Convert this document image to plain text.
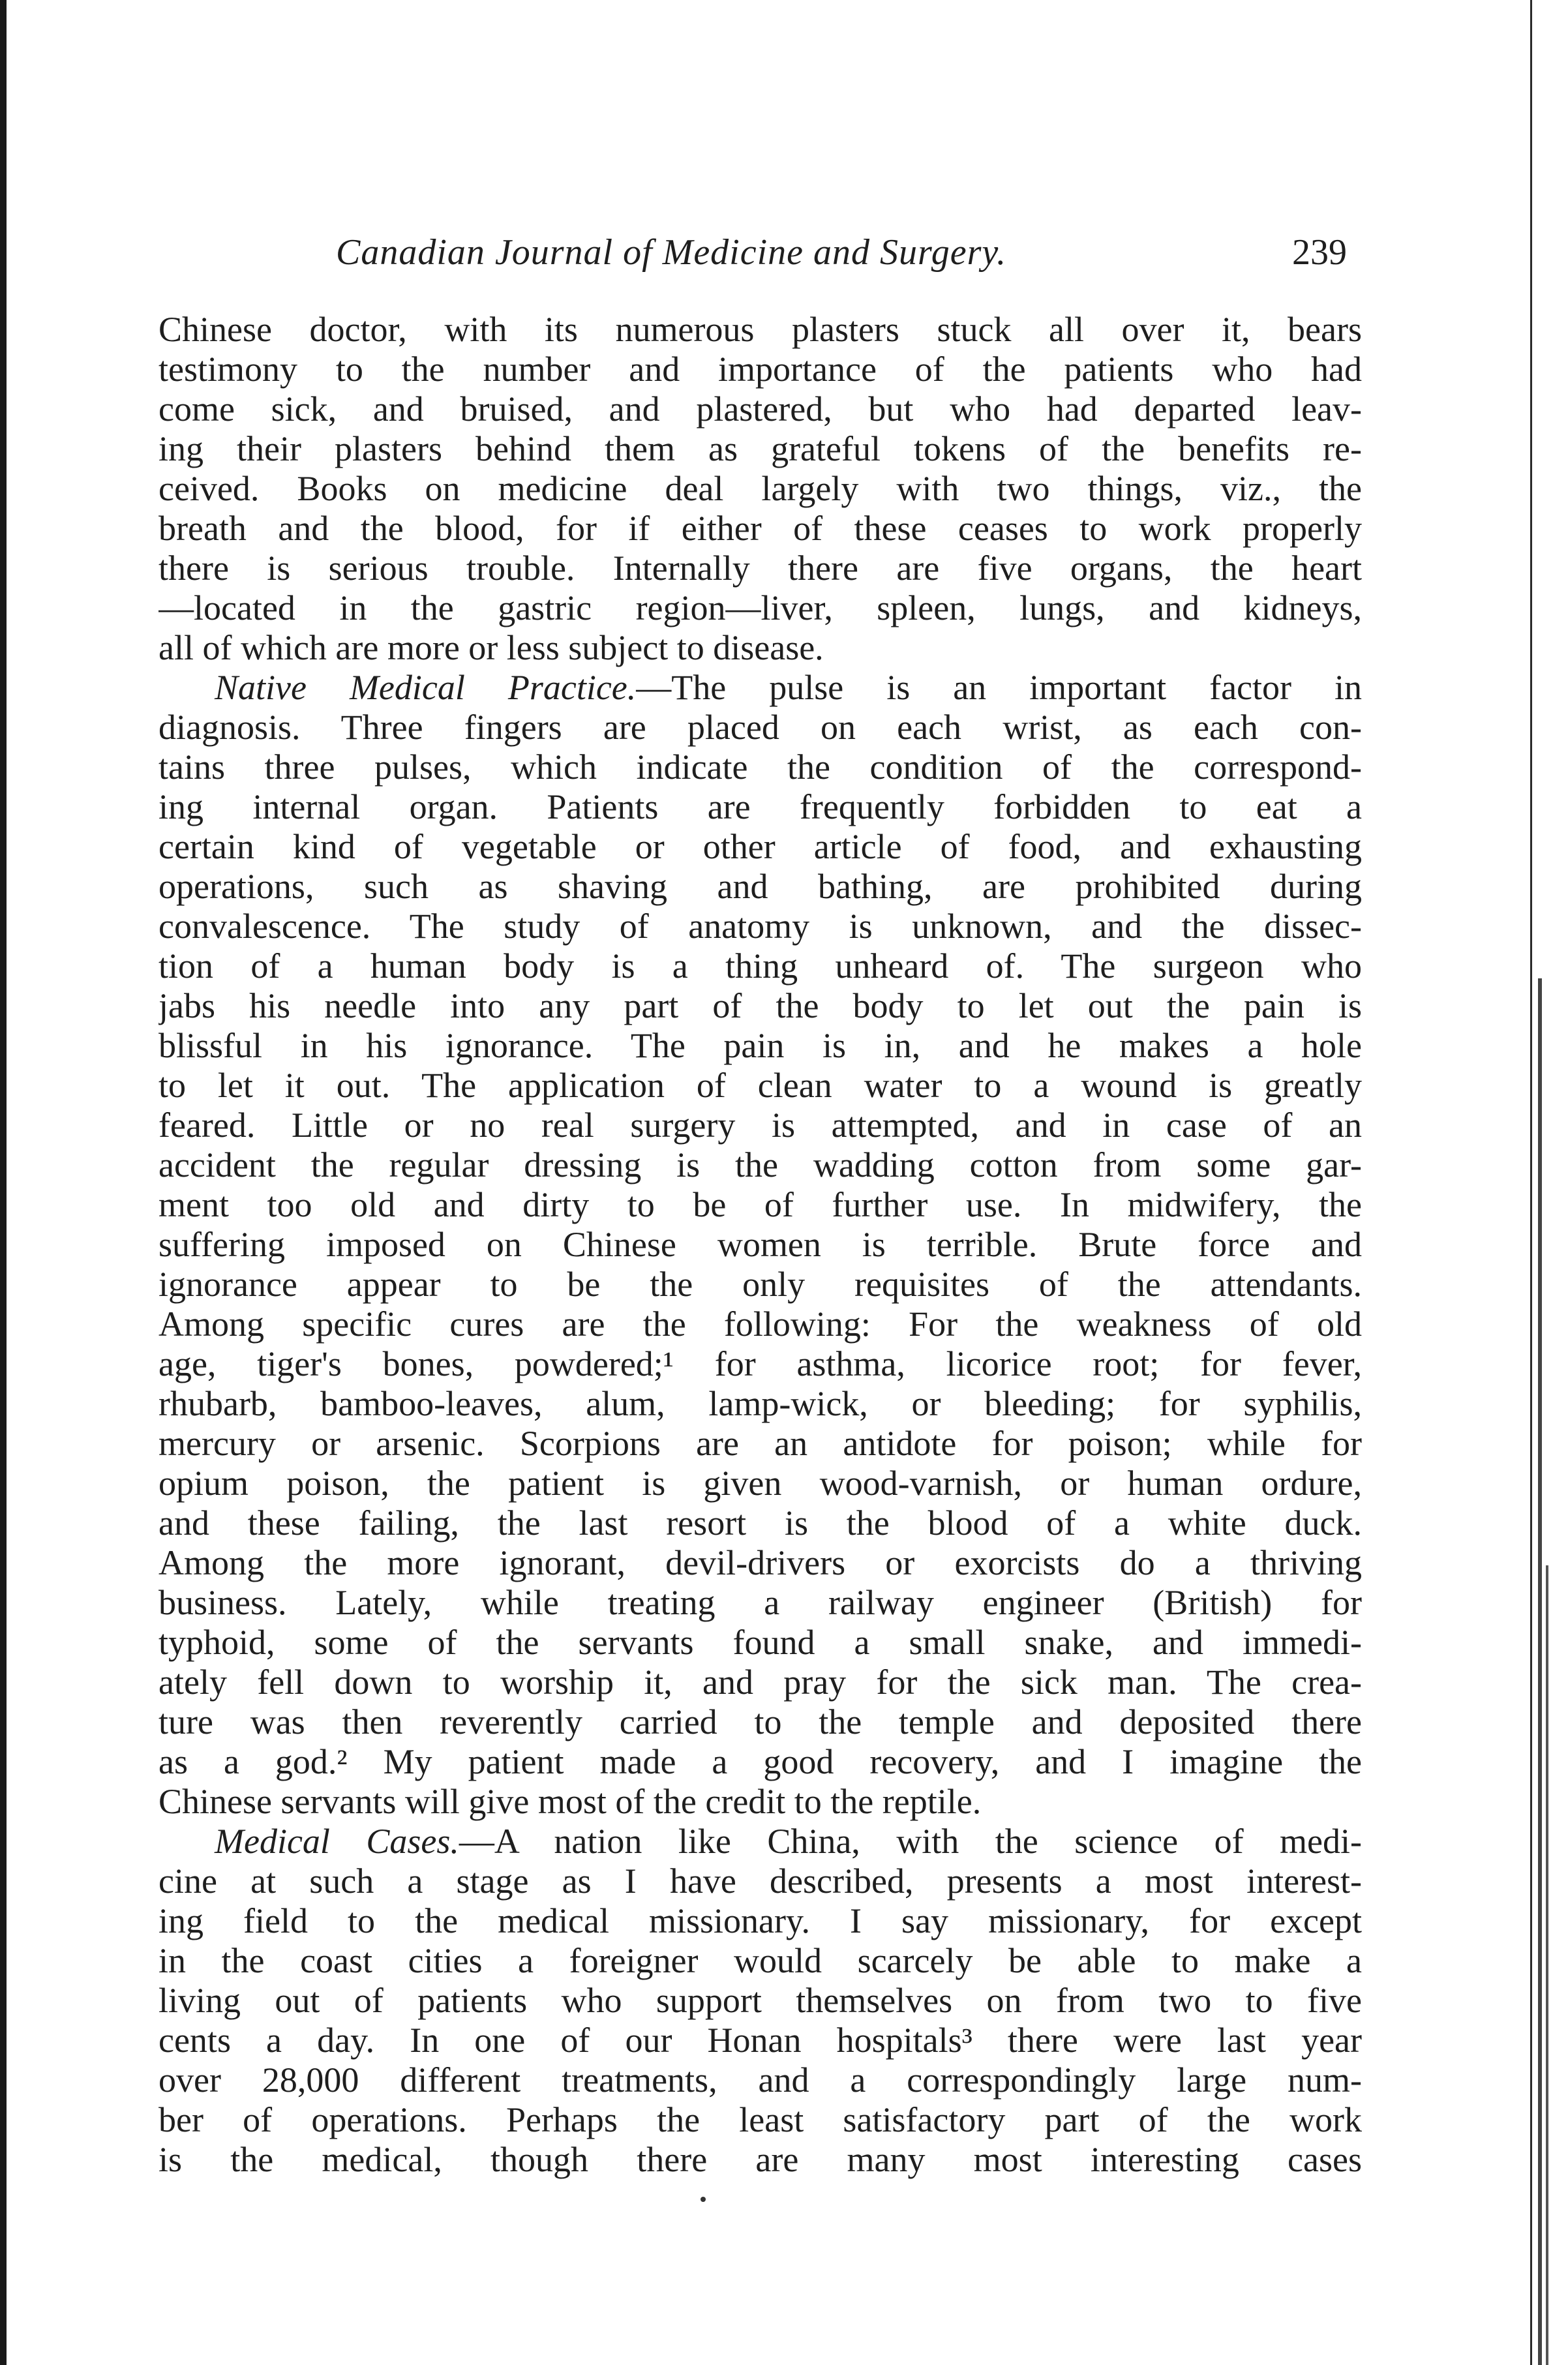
Canadian Journal of Medicine and Surgery.	239
Chinese doctor, with its numerous plasters stuck all over it, bears
testimony to the number and importance of the patients who had
come sick, and bruised, and plastered, but who had departed leav-
ing their plasters behind them as grateful tokens of the benefits re-
ceived. Books on medicine deal largely with two things, viz., the
breath and the blood, for if either of these ceases to work properly
there is serious trouble. Internally there are five organs, the heart
—located in the gastric region—liver, spleen, lungs, and kidneys,
all of which are more or less subject to disease.
Native Medical Practice.—The pulse is an important factor in
diagnosis. Three fingers are placed on each wrist, as each con-
tains three pulses, which indicate the condition of the correspond-
ing internal organ. Patients are frequently forbidden to eat a
certain kind of vegetable or other article of food, and exhausting
operations, such as shaving and bathing, are prohibited during
convalescence. The study of anatomy is unknown, and the dissec-
tion of a human body is a thing unheard of. The surgeon who
jabs his needle into any part of the body to let out the pain is
blissful in his ignorance. The pain is in, and he makes a hole
to let it out. The application of clean water to a wound is greatly
feared. Little or no real surgery is attempted, and in case of an
accident the regular dressing is the wadding cotton from some gar-
ment too old and dirty to be of further use. In midwifery, the
suffering imposed on Chinese women is terrible. Brute force and
ignorance appear to be the only requisites of the attendants.
Among specific cures are the following: For the weakness of old
age, tiger's bones, powdered;¹ for asthma, licorice root; for fever,
rhubarb, bamboo-leaves, alum, lamp-wick, or bleeding; for syphilis,
mercury or arsenic. Scorpions are an antidote for poison; while for
opium poison, the patient is given wood-varnish, or human ordure,
and these failing, the last resort is the blood of a white duck.
Among the more ignorant, devil-drivers or exorcists do a thriving
business. Lately, while treating a railway engineer (British) for
typhoid, some of the servants found a small snake, and immedi-
ately fell down to worship it, and pray for the sick man. The crea-
ture was then reverently carried to the temple and deposited there
as a god.² My patient made a good recovery, and I imagine the
Chinese servants will give most of the credit to the reptile.
Medical Cases.—A nation like China, with the science of medi-
cine at such a stage as I have described, presents a most interest-
ing field to the medical missionary. I say missionary, for except
in the coast cities a foreigner would scarcely be able to make a
living out of patients who support themselves on from two to five
cents a day. In one of our Honan hospitals³ there were last year
over 28,000 different treatments, and a correspondingly large num-
ber of operations. Perhaps the least satisfactory part of the work
is the medical, though there are many most interesting cases
